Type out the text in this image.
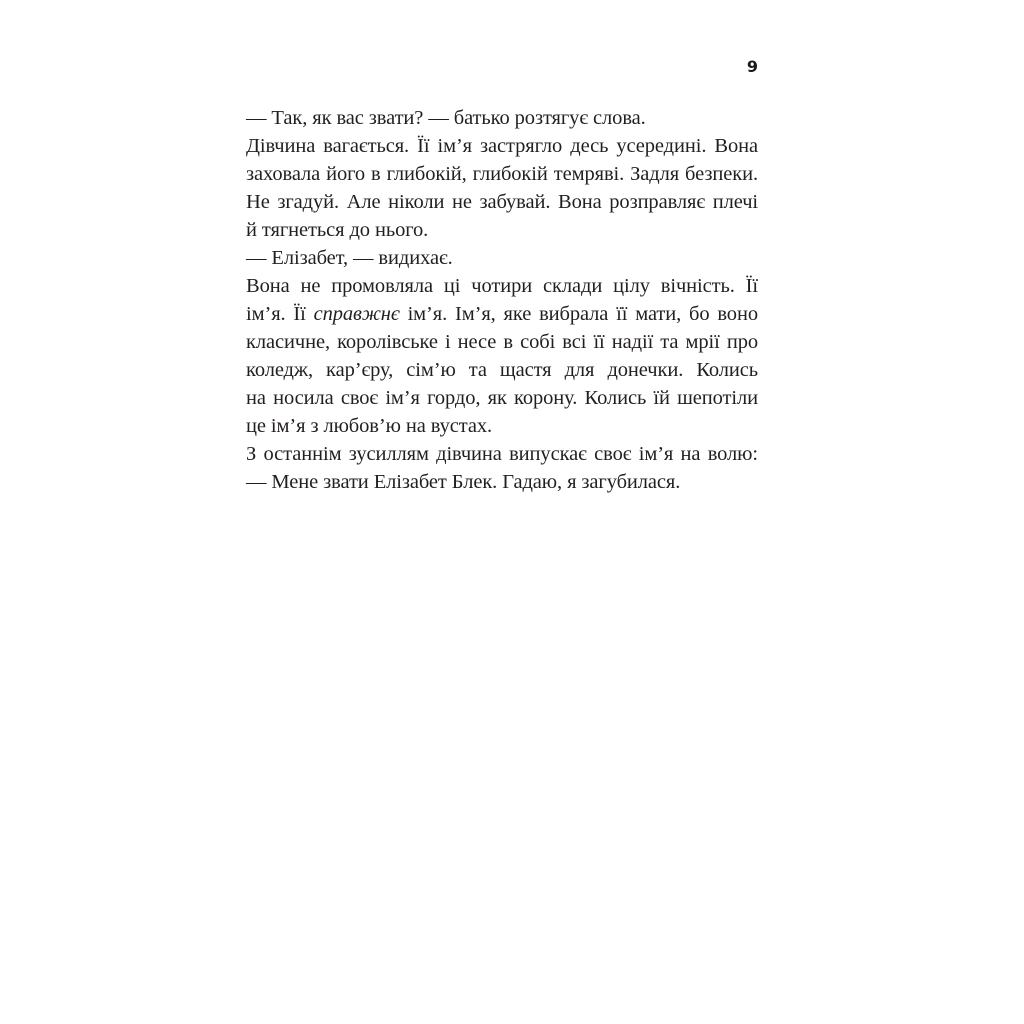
9
— Так, як вас звати? — батько розтягує слова.
Дівчина вагається. Її ім’я застрягло десь усередині. Вона
заховала його в глибокій, глибокій темряві. Задля безпеки.
Не згадуй. Але ніколи не забувай. Вона розправляє плечі
й тягнеться до нього.
— Елізабет, — видихає.
Вона не промовляла ці чотири склади цілу вічність. Її
ім’я. Її справжнє ім’я. Ім’я, яке вибрала її мати, бо воно
класичне, королівське і несе в собі всі її надії та мрії про
коледж, кар’єру, сім’ю та щастя для донечки. Колись
на носила своє ім’я гордо, як корону. Колись їй шепотіли
це ім’я з любов’ю на вустах.
З останнім зусиллям дівчина випускає своє ім’я на волю:
— Мене звати Елізабет Блек. Гадаю, я загубилася.
